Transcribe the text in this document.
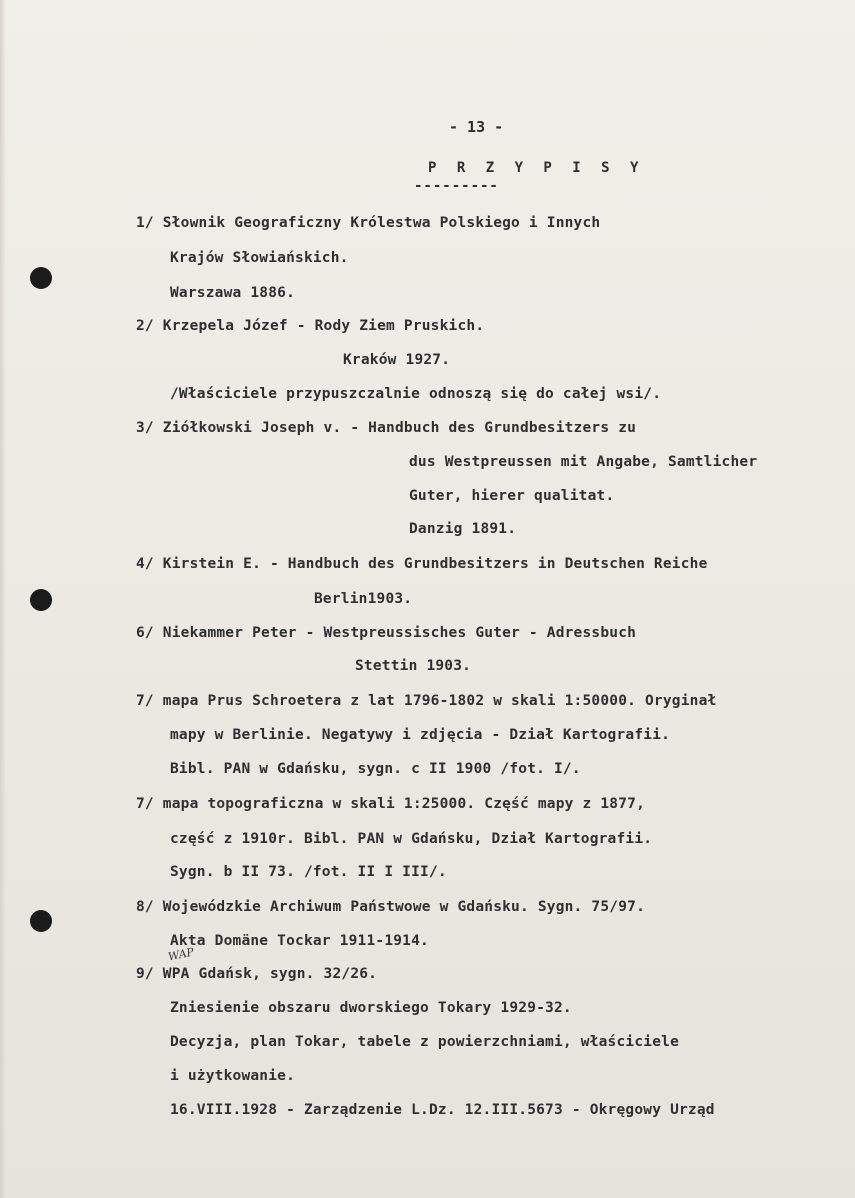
- 13 -
P R Z Y P I S Y
---------
1/ Słownik Geograficzny Królestwa Polskiego i Innych
Krajów Słowiańskich.
Warszawa 1886.
2/ Krzepela Józef - Rody Ziem Pruskich.
Kraków 1927.
/Właściciele przypuszczalnie odnoszą się do całej wsi/.
3/ Ziółkowski Joseph v. - Handbuch des Grundbesitzers zu
dus Westpreussen mit Angabe, Samtlicher
Guter, hierer qualitat.
Danzig 1891.
4/ Kirstein E. - Handbuch des Grundbesitzers in Deutschen Reiche
Berlin1903.
6/ Niekammer Peter - Westpreussisches Guter - Adressbuch
Stettin 1903.
7/ mapa Prus Schroetera z lat 1796-1802 w skali 1:50000. Oryginał
mapy w Berlinie. Negatywy i zdjęcia - Dział Kartografii.
Bibl. PAN w Gdańsku, sygn. c II 1900 /fot. I/.
7/ mapa topograficzna w skali 1:25000. Część mapy z 1877,
część z 1910r. Bibl. PAN w Gdańsku, Dział Kartografii.
Sygn. b II 73. /fot. II I III/.
8/ Wojewódzkie Archiwum Państwowe w Gdańsku. Sygn. 75/97.
Akta Domäne Tockar 1911-1914.
9/ WPA Gdańsk, sygn. 32/26.
Zniesienie obszaru dworskiego Tokary 1929-32.
Decyzja, plan Tokar, tabele z powierzchniami, właściciele
i użytkowanie.
16.VIII.1928 - Zarządzenie L.Dz. 12.III.5673 - Okręgowy Urząd
WAP
